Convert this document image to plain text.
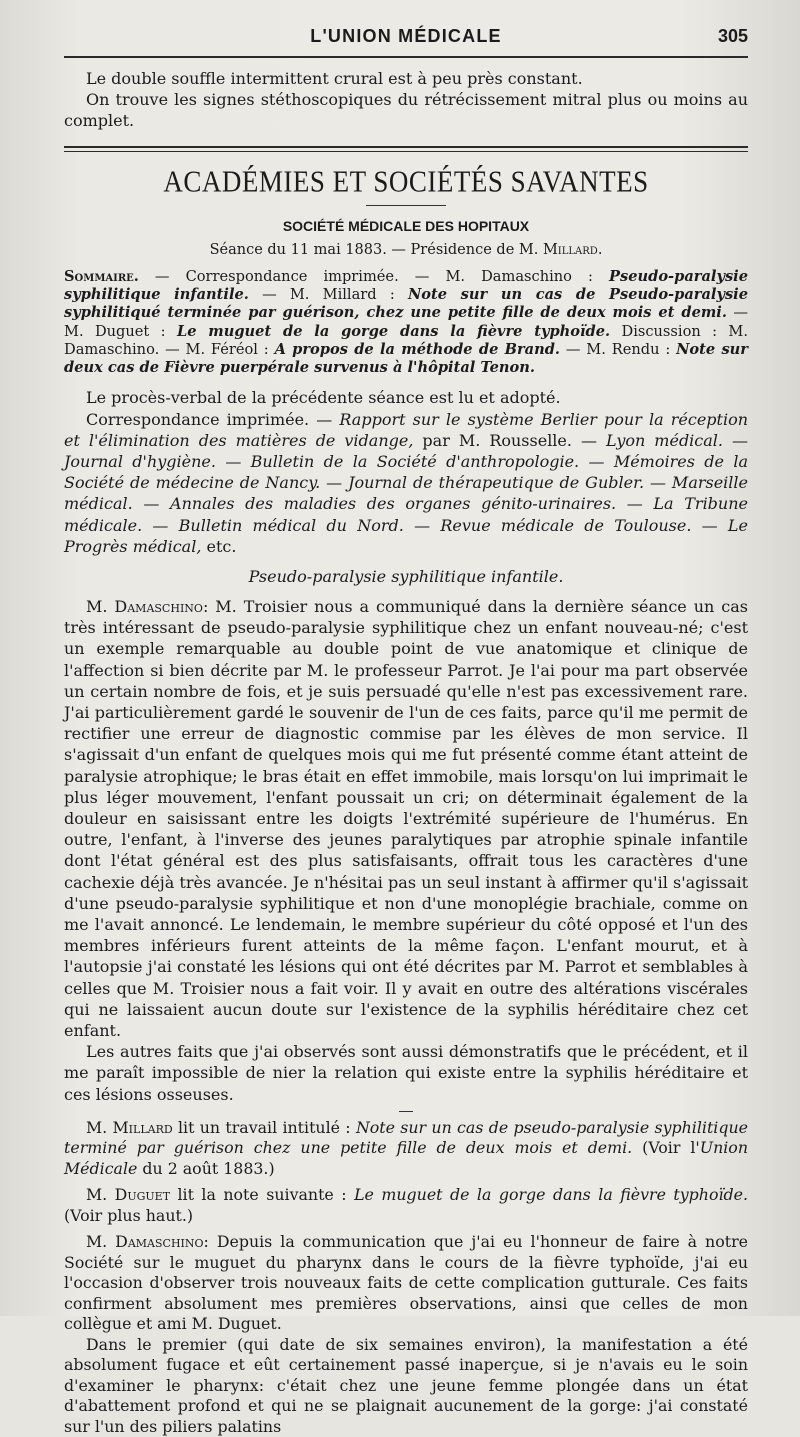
L'UNION MÉDICALE	305

Le double souffle intermittent crural est à peu près constant.

On trouve les signes stéthoscopiques du rétrécissement mitral plus ou moins au complet.

ACADÉMIES ET SOCIÉTÉS SAVANTES
SOCIÉTÉ MÉDICALE DES HOPITAUX
Séance du 11 mai 1883. — Présidence de M. Millard.

Sommaire. — Correspondance imprimée. — M. Damaschino : Pseudo-paralysie syphilitique infantile. — M. Millard : Note sur un cas de Pseudo-paralysie syphilitiqué terminée par guérison, chez une petite fille de deux mois et demi. — M. Duguet : Le muguet de la gorge dans la fièvre typhoïde. Discussion : M. Damaschino. — M. Féréol : A propos de la méthode de Brand. — M. Rendu : Note sur deux cas de Fièvre puerpérale survenus à l'hôpital Tenon.

Le procès-verbal de la précédente séance est lu et adopté.

Correspondance imprimée. — Rapport sur le système Berlier pour la réception et l'élimination des matières de vidange, par M. Rousselle. — Lyon médical. — Journal d'hygiène. — Bulletin de la Société d'anthropologie. — Mémoires de la Société de médecine de Nancy. — Journal de thérapeutique de Gubler. — Marseille médical. — Annales des maladies des organes génito-urinaires. — La Tribune médicale. — Bulletin médical du Nord. — Revue médicale de Toulouse. — Le Progrès médical, etc.

Pseudo-paralysie syphilitique infantile.

M. Damaschino: M. Troisier nous a communiqué dans la dernière séance un cas très intéressant de pseudo-paralysie syphilitique chez un enfant nouveau-né; c'est un exemple remarquable au double point de vue anatomique et clinique de l'affection si bien décrite par M. le professeur Parrot. Je l'ai pour ma part observée un certain nombre de fois, et je suis persuadé qu'elle n'est pas excessivement rare. J'ai particulièrement gardé le souvenir de l'un de ces faits, parce qu'il me permit de rectifier une erreur de diagnostic commise par les élèves de mon service. Il s'agissait d'un enfant de quelques mois qui me fut présenté comme étant atteint de paralysie atrophique; le bras était en effet immobile, mais lorsqu'on lui imprimait le plus léger mouvement, l'enfant poussait un cri; on déterminait également de la douleur en saisissant entre les doigts l'extrémité supérieure de l'humérus. En outre, l'enfant, à l'inverse des jeunes paralytiques par atrophie spinale infantile dont l'état général est des plus satisfaisants, offrait tous les caractères d'une cachexie déjà très avancée. Je n'hésitai pas un seul instant à affirmer qu'il s'agissait d'une pseudo-paralysie syphilitique et non d'une monoplégie brachiale, comme on me l'avait annoncé. Le lendemain, le membre supérieur du côté opposé et l'un des membres inférieurs furent atteints de la même façon. L'enfant mourut, et à l'autopsie j'ai constaté les lésions qui ont été décrites par M. Parrot et semblables à celles que M. Troisier nous a fait voir. Il y avait en outre des altérations viscérales qui ne laissaient aucun doute sur l'existence de la syphilis héréditaire chez cet enfant.

Les autres faits que j'ai observés sont aussi démonstratifs que le précédent, et il me paraît impossible de nier la relation qui existe entre la syphilis héréditaire et ces lésions osseuses.

M. Millard lit un travail intitulé : Note sur un cas de pseudo-paralysie syphilitique terminé par guérison chez une petite fille de deux mois et demi. (Voir l'Union Médicale du 2 août 1883.)

M. Duguet lit la note suivante : Le muguet de la gorge dans la fièvre typhoïde. (Voir plus haut.)

M. Damaschino: Depuis la communication que j'ai eu l'honneur de faire à notre Société sur le muguet du pharynx dans le cours de la fièvre typhoïde, j'ai eu l'occasion d'observer trois nouveaux faits de cette complication gutturale. Ces faits confirment absolument mes premières observations, ainsi que celles de mon collègue et ami M. Duguet.

Dans le premier (qui date de six semaines environ), la manifestation a été absolument fugace et eût certainement passé inaperçue, si je n'avais eu le soin d'examiner le pharynx: c'était chez une jeune femme plongée dans un état d'abattement profond et qui ne se plaignait aucunement de la gorge: j'ai constaté sur l'un des piliers palatins
